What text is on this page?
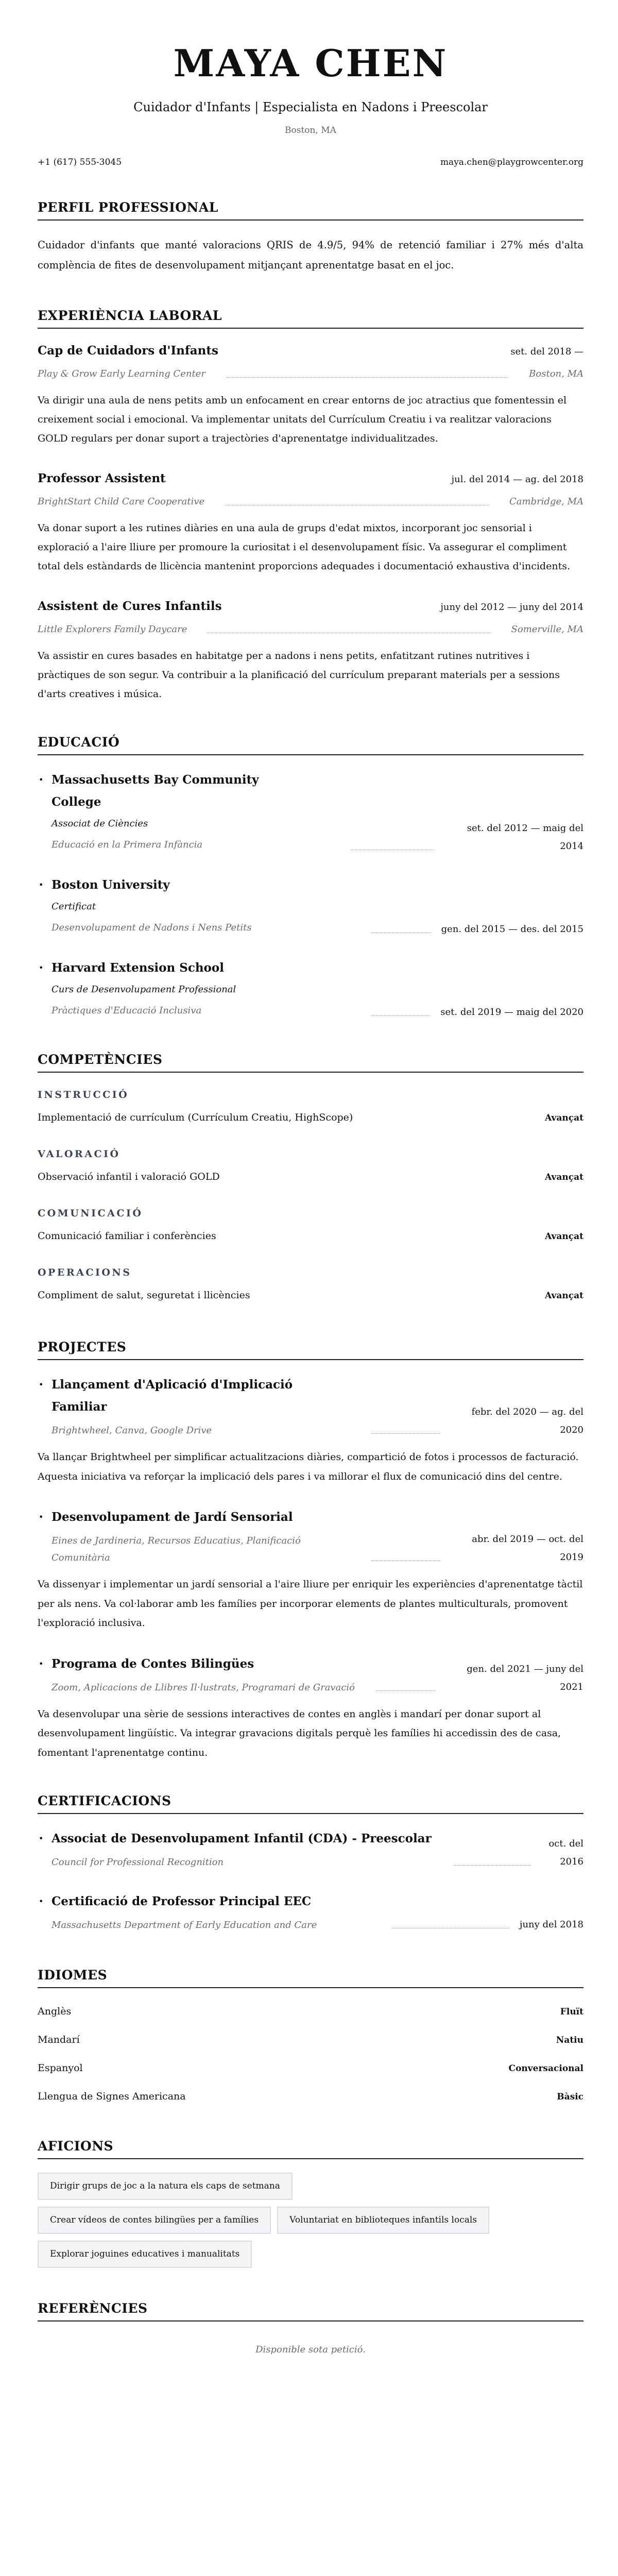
MAYA CHEN
Cuidador d'Infants | Especialista en Nadons i Preescolar
Boston, MA
+1 (617) 555-3045	maya.chen@playgrowcenter.org
PERFIL PROFESSIONAL
Cuidador d'infants que manté valoracions QRIS de 4.9/5, 94% de retenció familiar i 27% més d'alta complència de fites de desenvolupament mitjançant aprenentatge basat en el joc.
EXPERIÈNCIA LABORAL
Cap de Cuidadors d'Infants	set. del 2018 —
Play & Grow Early Learning Center	Boston, MA
Va dirigir una aula de nens petits amb un enfocament en crear entorns de joc atractius que fomentessin el creixement social i emocional. Va implementar unitats del Currículum Creatiu i va realitzar valoracions GOLD regulars per donar suport a trajectòries d'aprenentatge individualitzades.
Professor Assistent	jul. del 2014 — ag. del 2018
BrightStart Child Care Cooperative	Cambridge, MA
Va donar suport a les rutines diàries en una aula de grups d'edat mixtos, incorporant joc sensorial i exploració a l'aire lliure per promoure la curiositat i el desenvolupament físic. Va assegurar el compliment total dels estàndards de llicència mantenint proporcions adequades i documentació exhaustiva d'incidents.
Assistent de Cures Infantils	juny del 2012 — juny del 2014
Little Explorers Family Daycare	Somerville, MA
Va assistir en cures basades en habitatge per a nadons i nens petits, enfatitzant rutines nutritives i pràctiques de son segur. Va contribuir a la planificació del currículum preparant materials per a sessions d'arts creatives i música.
EDUCACIÓ
• Massachusetts Bay Community College
Associat de Ciències
Educació en la Primera Infància
set. del 2012 — maig del 2014
• Boston University
Certificat
Desenvolupament de Nadons i Nens Petits	gen. del 2015 — des. del 2015
• Harvard Extension School
Curs de Desenvolupament Professional
Pràctiques d'Educació Inclusiva	set. del 2019 — maig del 2020
COMPETÈNCIES
INSTRUCCIÓ
Implementació de currículum (Currículum Creatiu, HighScope)	Avançat
VALORACIÓ
Observació infantil i valoració GOLD	Avançat
COMUNICACIÓ
Comunicació familiar i conferències	Avançat
OPERACIONS
Compliment de salut, seguretat i llicències	Avançat
PROJECTES
• Llançament d'Aplicació d'Implicació Familiar
Brightwheel, Canva, Google Drive
febr. del 2020 — ag. del 2020
Va llançar Brightwheel per simplificar actualitzacions diàries, compartició de fotos i processos de facturació. Aquesta iniciativa va reforçar la implicació dels pares i va millorar el flux de comunicació dins del centre.
• Desenvolupament de Jardí Sensorial
Eines de Jardineria, Recursos Educatius, Planificació Comunitària
abr. del 2019 — oct. del 2019
Va dissenyar i implementar un jardí sensorial a l'aire lliure per enriquir les experiències d'aprenentatge tàctil per als nens. Va col·laborar amb les famílies per incorporar elements de plantes multiculturals, promovent l'exploració inclusiva.
• Programa de Contes Bilingües
Zoom, Aplicacions de Llibres Il·lustrats, Programari de Gravació
gen. del 2021 — juny del 2021
Va desenvolupar una sèrie de sessions interactives de contes en anglès i mandarí per donar suport al desenvolupament lingüístic. Va integrar gravacions digitals perquè les famílies hi accedissin des de casa, fomentant l'aprenentatge continu.
CERTIFICACIONS
• Associat de Desenvolupament Infantil (CDA) - Preescolar
Council for Professional Recognition
oct. del 2016
• Certificació de Professor Principal EEC
Massachusetts Department of Early Education and Care	juny del 2018
IDIOMES
Anglès	Fluït
Mandarí	Natiu
Espanyol	Conversacional
Llengua de Signes Americana	Bàsic
AFICIONS
Dirigir grups de joc a la natura els caps de setmana
Crear vídeos de contes bilingües per a famílies	Voluntariat en biblioteques infantils locals
Explorar joguines educatives i manualitats
REFERÈNCIES
Disponible sota petició.
